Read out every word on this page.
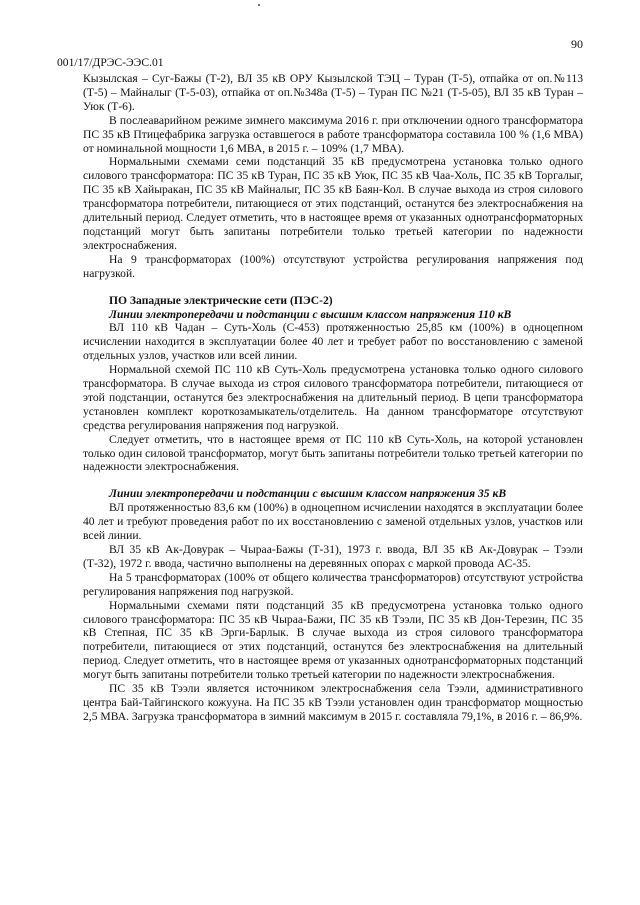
90
001/17/ДРЭС-ЭЭС.01

Кызылская – Суг-Бажы (Т-2), ВЛ 35 кВ ОРУ Кызылской ТЭЦ – Туран (Т-5), отпайка от оп.№113 (Т-5) – Майналыг (Т-5-03), отпайка от оп.№348а (Т-5) – Туран ПС №21 (Т-5-05), ВЛ 35 кВ Туран – Уюк (Т-6).

В послеаварийном режиме зимнего максимума 2016 г. при отключении одного трансформатора ПС 35 кВ Птицефабрика загрузка оставшегося в работе трансформатора составила 100 % (1,6 МВА) от номинальной мощности 1,6 МВА, в 2015 г. – 109% (1,7 МВА).

Нормальными схемами семи подстанций 35 кВ предусмотрена установка только одного силового трансформатора: ПС 35 кВ Туран, ПС 35 кВ Уюк, ПС 35 кВ Чаа-Холь, ПС 35 кВ Торгалыг, ПС 35 кВ Хайыракан, ПС 35 кВ Майналыг, ПС 35 кВ Баян-Кол. В случае выхода из строя силового трансформатора потребители, питающиеся от этих подстанций, останутся без электроснабжения на длительный период. Следует отметить, что в настоящее время от указанных однотрансформаторных подстанций могут быть запитаны потребители только третьей категории по надежности электроснабжения.

На 9 трансформаторах (100%) отсутствуют устройства регулирования напряжения под нагрузкой.

ПО Западные электрические сети (ПЭС-2)
Линии электропередачи и подстанции с высшим классом напряжения 110 кВ

ВЛ 110 кВ Чадан – Суть-Холь (С-453) протяженностью 25,85 км (100%) в одноцепном исчислении находится в эксплуатации более 40 лет и требует работ по восстановлению с заменой отдельных узлов, участков или всей линии.

Нормальной схемой ПС 110 кВ Суть-Холь предусмотрена установка только одного силового трансформатора. В случае выхода из строя силового трансформатора потребители, питающиеся от этой подстанции, останутся без электроснабжения на длительный период. В цепи трансформатора установлен комплект короткозамыкатель/отделитель. На данном трансформаторе отсутствуют средства регулирования напряжения под нагрузкой.

Следует отметить, что в настоящее время от ПС 110 кВ Суть-Холь, на которой установлен только один силовой трансформатор, могут быть запитаны потребители только третьей категории по надежности электроснабжения.

Линии электропередачи и подстанции с высшим классом напряжения 35 кВ

ВЛ протяженностью 83,6 км (100%) в одноцепном исчислении находятся в эксплуатации более 40 лет и требуют проведения работ по их восстановлению с заменой отдельных узлов, участков или всей линии.

ВЛ 35 кВ Ак-Довурак – Чыраа-Бажы (Т-31), 1973 г. ввода, ВЛ 35 кВ Ак-Довурак – Тээли (Т-32), 1972 г. ввода, частично выполнены на деревянных опорах с маркой провода АС-35.

На 5 трансформаторах (100% от общего количества трансформаторов) отсутствуют устройства регулирования напряжения под нагрузкой.

Нормальными схемами пяти подстанций 35 кВ предусмотрена установка только одного силового трансформатора: ПС 35 кВ Чыраа-Бажи, ПС 35 кВ Тээли, ПС 35 кВ Дон-Терезин, ПС 35 кВ Степная, ПС 35 кВ Эрги-Барлык. В случае выхода из строя силового трансформатора потребители, питающиеся от этих подстанций, останутся без электроснабжения на длительный период. Следует отметить, что в настоящее время от указанных однотрансформаторных подстанций могут быть запитаны потребители только третьей категории по надежности электроснабжения.

ПС 35 кВ Тээли является источником электроснабжения села Тээли, административного центра Бай-Тайгинского кожууна. На ПС 35 кВ Тээли установлен один трансформатор мощностью 2,5 МВА. Загрузка трансформатора в зимний максимум в 2015 г. составляла 79,1%, в 2016 г. – 86,9%.
